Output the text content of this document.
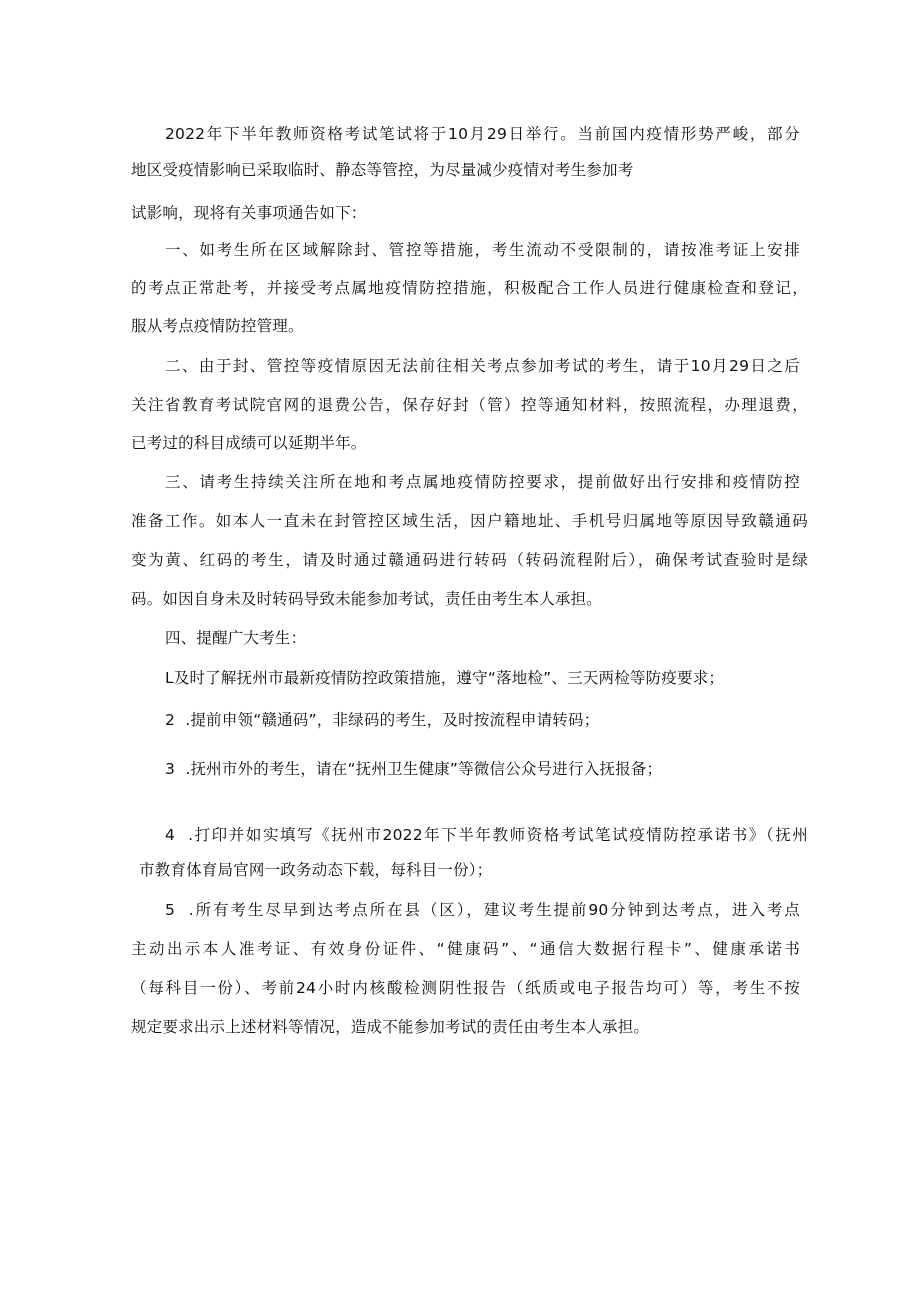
2022年下半年教师资格考试笔试将于10月29日举行。当前国内疫情形势严峻，部分
地区受疫情影响已采取临时、静态等管控，为尽量减少疫情对考生参加考
试影响，现将有关事项通告如下：
一、如考生所在区域解除封、管控等措施，考生流动不受限制的，请按准考证上安排
的考点正常赴考，并接受考点属地疫情防控措施，积极配合工作人员进行健康检查和登记，
服从考点疫情防控管理。
二、由于封、管控等疫情原因无法前往相关考点参加考试的考生，请于10月29日之后
关注省教育考试院官网的退费公告，保存好封（管）控等通知材料，按照流程，办理退费，
已考过的科目成绩可以延期半年。
三、请考生持续关注所在地和考点属地疫情防控要求，提前做好出行安排和疫情防控
准备工作。如本人一直未在封管控区域生活，因户籍地址、手机号归属地等原因导致赣通码
变为黄、红码的考生，请及时通过赣通码进行转码（转码流程附后），确保考试查验时是绿
码。如因自身未及时转码导致未能参加考试，责任由考生本人承担。
四、提醒广大考生：
L及时了解抚州市最新疫情防控政策措施，遵守“落地检”、三天两检等防疫要求；
2  .提前申领“赣通码”，非绿码的考生，及时按流程申请转码；
3  .抚州市外的考生，请在“抚州卫生健康”等微信公众号进行入抚报备；
4  .打印并如实填写《抚州市2022年下半年教师资格考试笔试疫情防控承诺书》（抚州
市教育体育局官网一政务动态下载，每科目一份）；
5  .所有考生尽早到达考点所在县（区），建议考生提前90分钟到达考点，进入考点
主动出示本人准考证、有效身份证件、“健康码”、“通信大数据行程卡”、健康承诺书
（每科目一份）、考前24小时内核酸检测阴性报告（纸质或电子报告均可）等，考生不按
规定要求出示上述材料等情况，造成不能参加考试的责任由考生本人承担。
